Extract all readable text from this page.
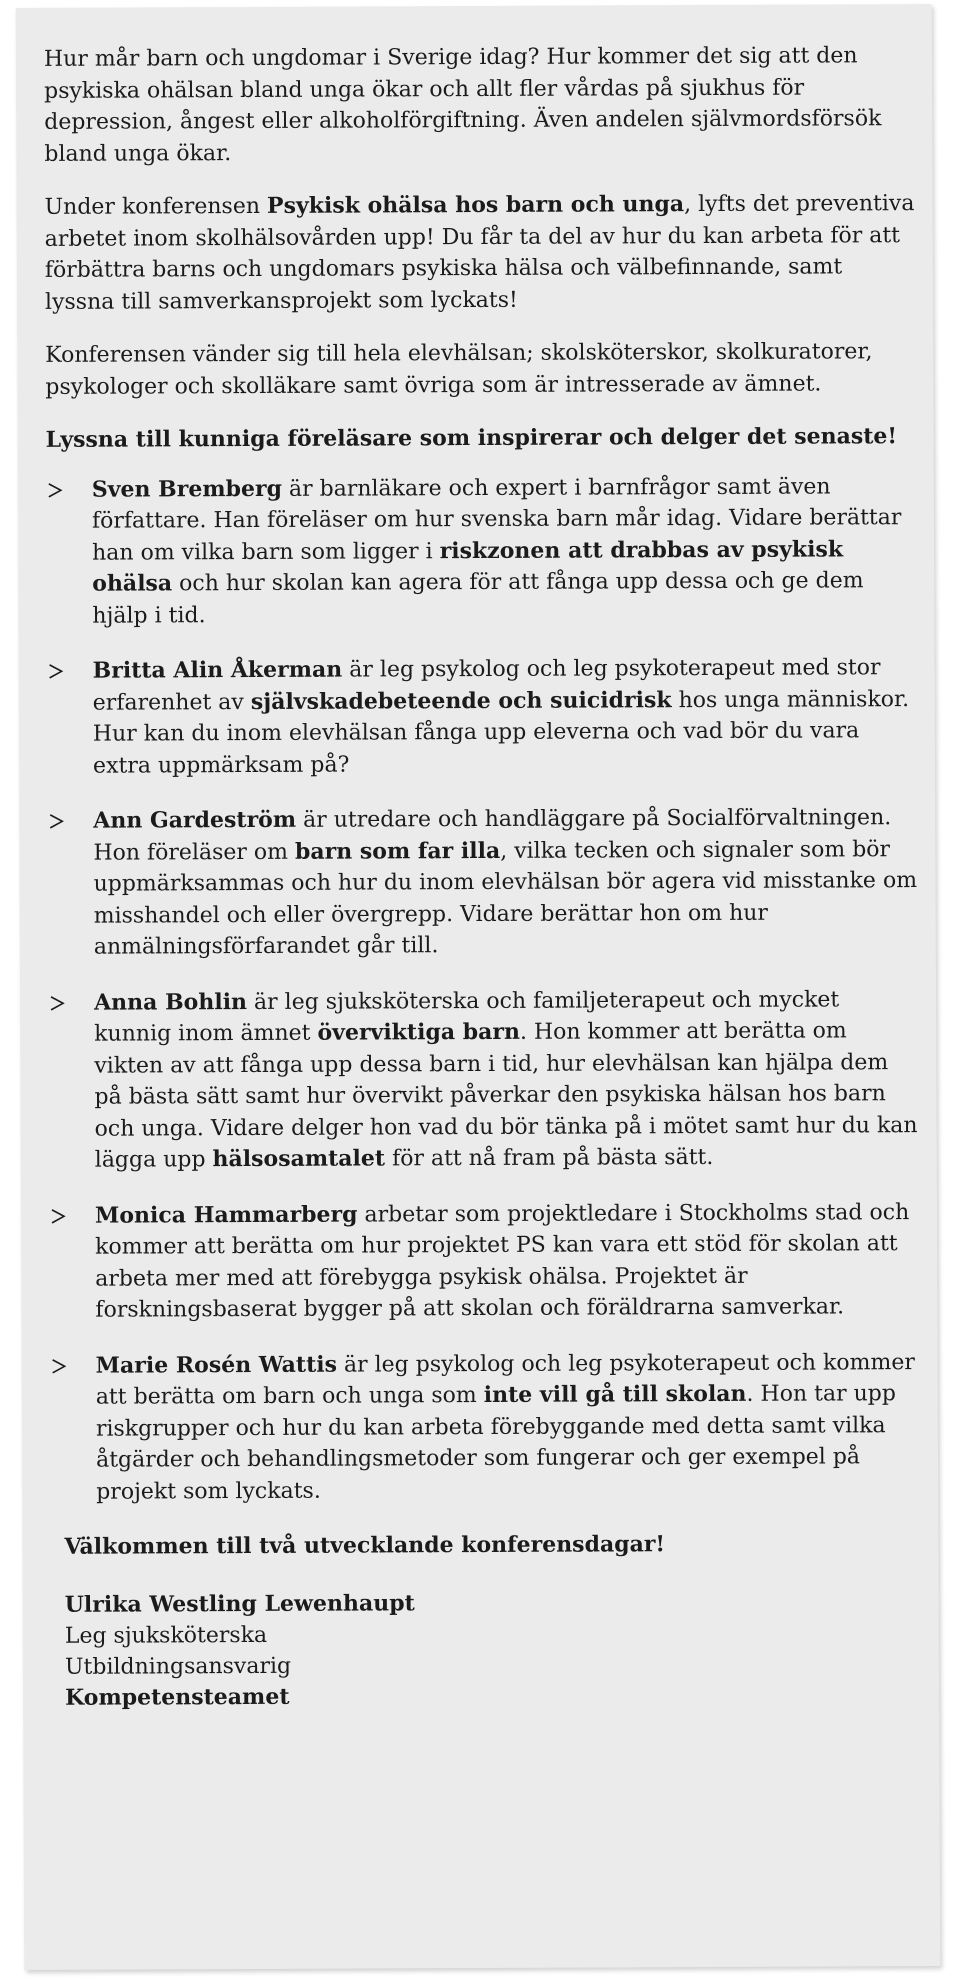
Hur mår barn och ungdomar i Sverige idag? Hur kommer det sig att den psykiska ohälsan bland unga ökar och allt fler vårdas på sjukhus för depression, ångest eller alkoholförgiftning. Även andelen självmordsförsök bland unga ökar.

Under konferensen Psykisk ohälsa hos barn och unga, lyfts det preventiva arbetet inom skolhälsovården upp! Du får ta del av hur du kan arbeta för att förbättra barns och ungdomars psykiska hälsa och välbefinnande, samt lyssna till samverkansprojekt som lyckats!

Konferensen vänder sig till hela elevhälsan; skolsköterskor, skolkuratorer, psykologer och skolläkare samt övriga som är intresserade av ämnet.

Lyssna till kunniga föreläsare som inspirerar och delger det senaste!

Sven Bremberg är barnläkare och expert i barnfrågor samt även författare. Han föreläser om hur svenska barn mår idag. Vidare berättar han om vilka barn som ligger i riskzonen att drabbas av psykisk ohälsa och hur skolan kan agera för att fånga upp dessa och ge dem hjälp i tid.

Britta Alin Åkerman är leg psykolog och leg psykoterapeut med stor erfarenhet av självskadebeteende och suicidrisk hos unga människor. Hur kan du inom elevhälsan fånga upp eleverna och vad bör du vara extra uppmärksam på?

Ann Gardeström är utredare och handläggare på Socialförvaltningen. Hon föreläser om barn som far illa, vilka tecken och signaler som bör uppmärksammas och hur du inom elevhälsan bör agera vid misstanke om misshandel och eller övergrepp. Vidare berättar hon om hur anmälningsförfarandet går till.

Anna Bohlin är leg sjuksköterska och familjeterapeut och mycket kunnig inom ämnet överviktiga barn. Hon kommer att berätta om vikten av att fånga upp dessa barn i tid, hur elevhälsan kan hjälpa dem på bästa sätt samt hur övervikt påverkar den psykiska hälsan hos barn och unga. Vidare delger hon vad du bör tänka på i mötet samt hur du kan lägga upp hälsosamtalet för att nå fram på bästa sätt.

Monica Hammarberg arbetar som projektledare i Stockholms stad och kommer att berätta om hur projektet PS kan vara ett stöd för skolan att arbeta mer med att förebygga psykisk ohälsa. Projektet är forskningsbaserat bygger på att skolan och föräldrarna samverkar.

Marie Rosén Wattis är leg psykolog och leg psykoterapeut och kommer att berätta om barn och unga som inte vill gå till skolan. Hon tar upp riskgrupper och hur du kan arbeta förebyggande med detta samt vilka åtgärder och behandlingsmetoder som fungerar och ger exempel på projekt som lyckats.

Välkommen till två utvecklande konferensdagar!

Ulrika Westling Lewenhaupt
Leg sjuksköterska
Utbildningsansvarig
Kompetensteamet
